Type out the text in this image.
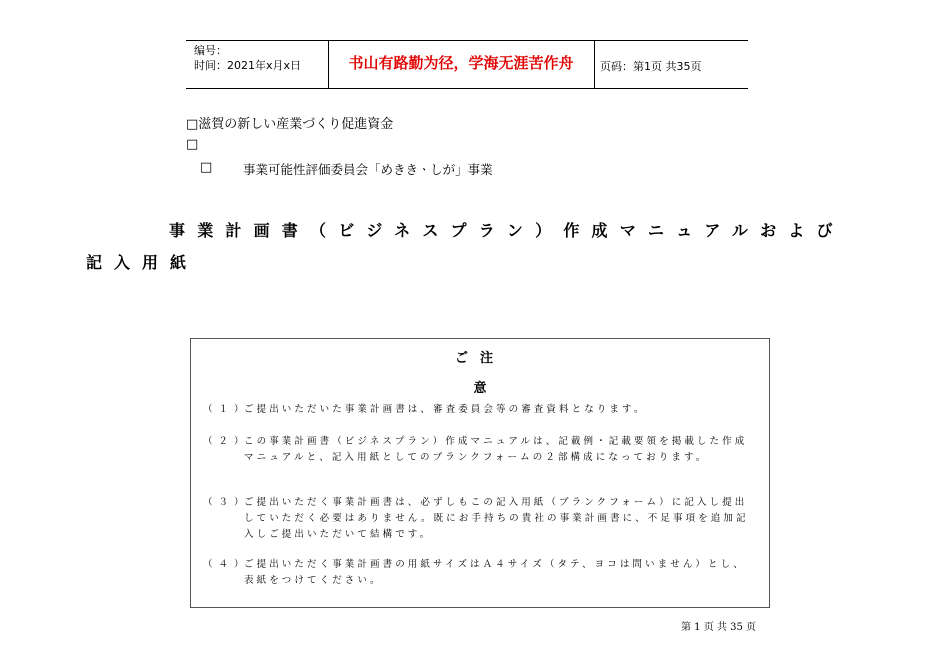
编号：
时间：2021年x月x日	书山有路勤为径，学海无涯苦作舟	页码：第1页 共35页
□滋賀の新しい産業づくり促進資金
□
□ 事業可能性評価委員会「めききㆍしが」事業
事業計画書（ビジネスプラン）作成マニュアルおよび
記入用紙
ご注
意
（１）
ご提出いただいた事業計画書は、審査委員会等の審査資料となります。
（２）
この事業計画書（ビジネスプラン）作成マニュアルは、記載例・記載要領を掲載した作成マニュアルと、記入用紙としてのブランクフォームの２部構成になっております。
（３）
ご提出いただく事業計画書は、必ずしもこの記入用紙（ブランクフォーム）に記入し提出していただく必要はありません。既にお手持ちの貴社の事業計画書に、不足事項を追加記入しご提出いただいて結構です。
（４）
ご提出いただく事業計画書の用紙サイズはＡ４サイズ（タテ、ヨコは問いません）とし、　　表紙をつけてください。
第 1 页 共 35 页
